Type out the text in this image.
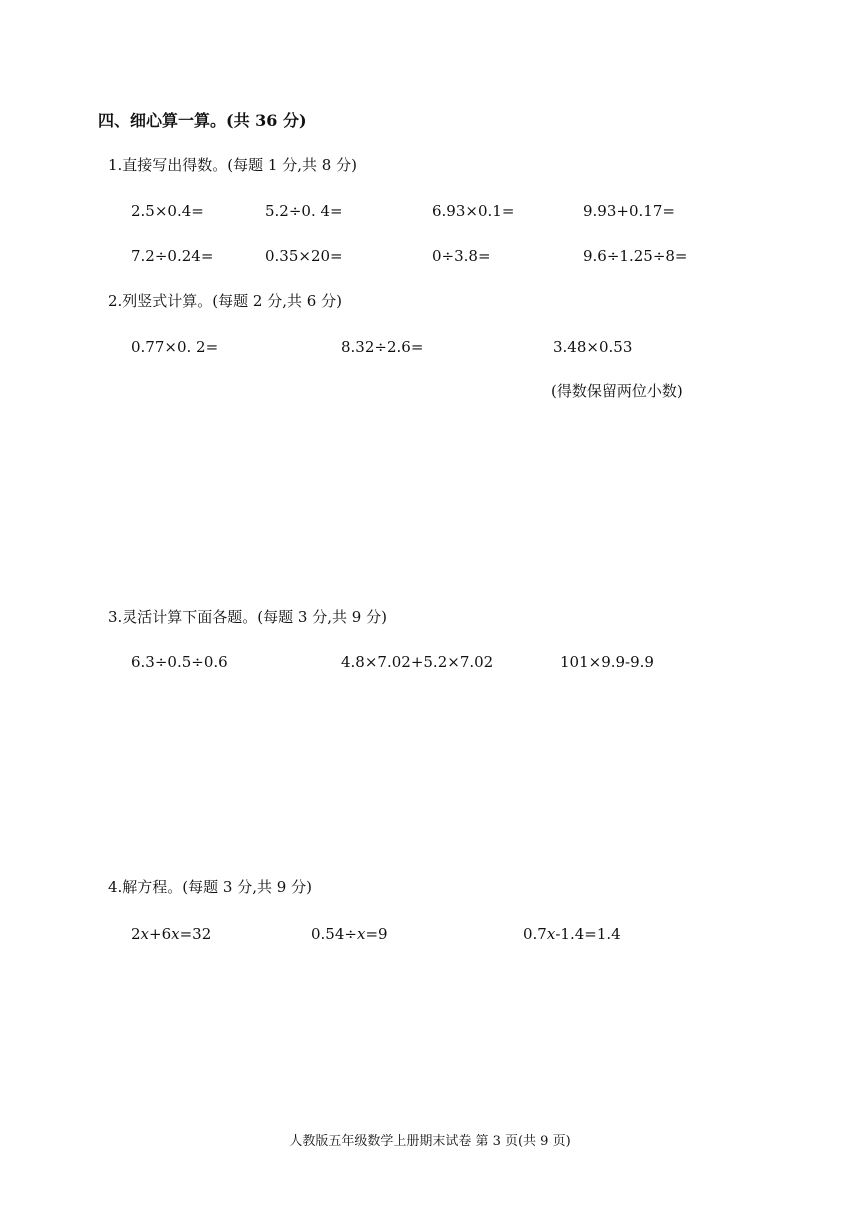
四、细心算一算。(共 36 分)
1.直接写出得数。(每题 1 分,共 8 分)
2.5×0.4=	5.2÷0. 4=	6.93×0.1=	9.93+0.17=
7.2÷0.24=	0.35×20=	0÷3.8=	9.6÷1.25÷8=
2.列竖式计算。(每题 2 分,共 6 分)
0.77×0. 2=	8.32÷2.6=	3.48×0.53
(得数保留两位小数)
3.灵活计算下面各题。(每题 3 分,共 9 分)
6.3÷0.5÷0.6	4.8×7.02+5.2×7.02	101×9.9-9.9
4.解方程。(每题 3 分,共 9 分)
2x+6x=32	0.54÷x=9	0.7x-1.4=1.4
人教版五年级数学上册期末试卷 第 3 页(共 9 页)
